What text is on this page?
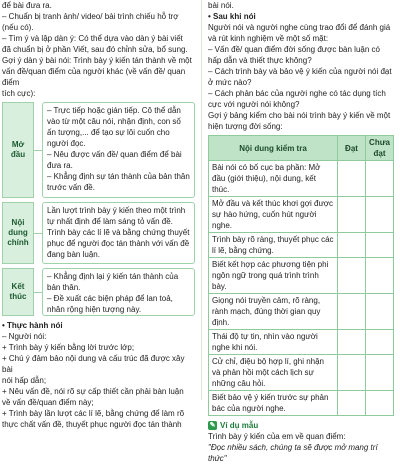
để bài đưa ra.

– Chuẩn bị tranh ảnh/ video/ bài trình chiếu hỗ trợ

(nếu có).

– Tìm ý và lập dàn ý: Có thể dựa vào dàn ý bài viết

đã chuẩn bị ở phần Viết, sau đó chỉnh sửa, bổ sung.

Gợi ý dàn ý bài nói: Trình bày ý kiến tán thành về một

vấn đề/quan điểm của người khác (về vấn đề/ quan điểm

tích cực):

Mở đầu
– Trực tiếp hoặc gián tiếp. Cô thể dẫn vào từ một câu nói, nhận định, con số ấn tượng,... để tạo sự lôi cuốn cho người đọc.
– Nêu được vấn đề/ quan điểm để bài đưa ra.
– Khẳng định sự tán thành của bản thân trước vấn đề.
Nội dung chính
Lần lượt trình bày ý kiến theo một trình tự nhất định để làm sáng tỏ vấn đề. Trình bày các lí lẽ và bằng chứng thuyết phục để người đọc tán thành với vấn đề đang bàn luận.
Kết thúc
– Khẳng định lại ý kiến tán thành của bản thân.
– Đề xuất các biện pháp để lan toả, nhân rộng hiện tượng này.

• Thực hành nói

– Người nói:

+ Trình bày ý kiến bằng lời trước lớp;

+ Chú ý đảm bảo nội dung và cấu trúc đã được xây bài

nói hấp dẫn;

+ Nêu vấn đề, nói rõ sự cấp thiết cần phải bàn luận

về vấn đề/quan điểm này;

+ Trình bày lần lượt các lí lẽ, bằng chứng để làm rõ

thực chất vấn đề, thuyết phục người đọc tán thành

bài nói.

• Sau khi nói

Người nói và người nghe cùng trao đổi để đánh giá

và rút kinh nghiệm về một số mặt:

– Vấn đề/ quan điểm đời sống được bàn luận có

hấp dẫn và thiết thực không?

– Cách trình bày và bảo vệ ý kiến của người nói đạt

ở mức nào?

– Cách phản bác của người nghe có tác dụng tích

cực với người nói không?

Gợi ý bảng kiểm cho bài nói trình bày ý kiến về một

hiện tượng đời sống:

Nội dung kiểm tra	Đạt	Chưa đạt
Bài nói có bố cục ba phần: Mở đầu (giới thiệu), nội dung, kết thúc.		
Mở đầu và kết thúc khơi gợi được sự hào hứng, cuốn hút người nghe.		
Trình bày rõ ràng, thuyết phục các lí lẽ, bằng chứng.		
Biết kết hợp các phương tiện phi ngôn ngữ trong quá trình trình bày.		
Giọng nói truyền cảm, rõ ràng, rành mạch, đúng thời gian quy định.		
Thái độ tự tin, nhìn vào người nghe khi nói.		
Cử chỉ, điệu bộ hợp lí, ghi nhận và phản hồi một cách lịch sự những câu hỏi.		
Biết bảo vệ ý kiến trước sự phản bác của người nghe.		
✎ Ví dụ mẫu

Trình bày ý kiến của em về quan điểm:

"Đọc nhiều sách, chúng ta sẽ được mở mang trí thức"
